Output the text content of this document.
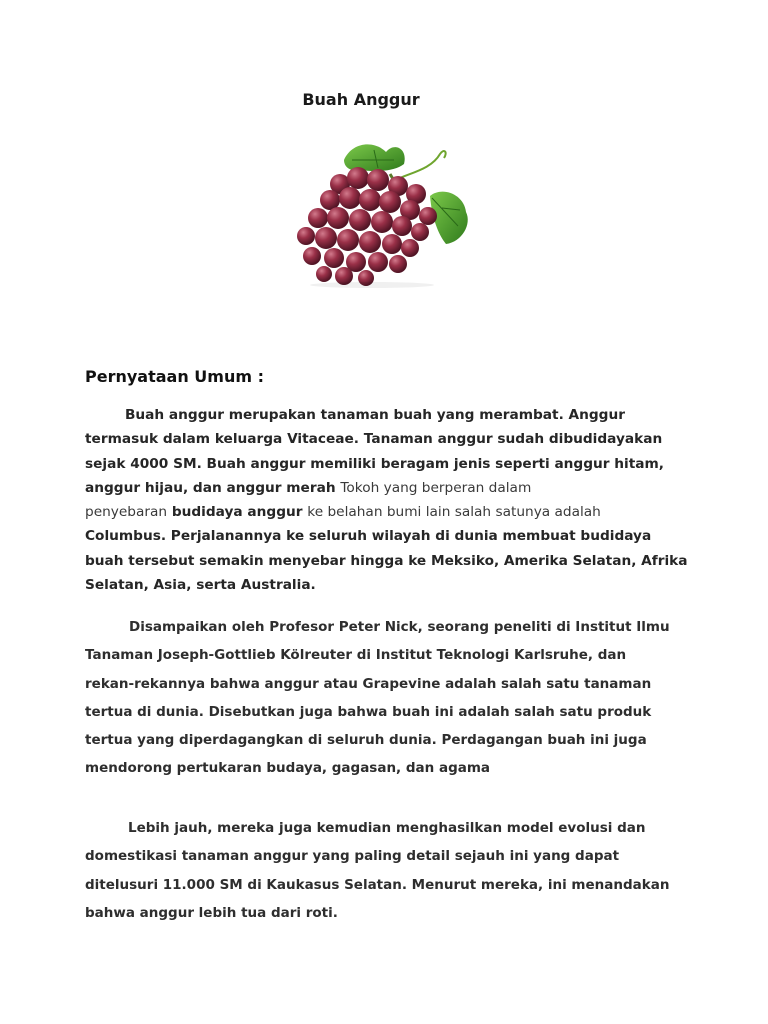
Buah Anggur
Pernyataan Umum :
Buah anggur merupakan tanaman buah yang merambat. Anggur
termasuk dalam keluarga Vitaceae. Tanaman anggur sudah dibudidayakan
sejak 4000 SM. Buah anggur memiliki beragam jenis seperti anggur hitam,
anggur hijau, dan anggur merah Tokoh yang berperan dalam
penyebaran budidaya anggur ke belahan bumi lain salah satunya adalah
Columbus. Perjalanannya ke seluruh wilayah di dunia membuat budidaya
buah tersebut semakin menyebar hingga ke Meksiko, Amerika Selatan, Afrika
Selatan, Asia, serta Australia.
Disampaikan oleh Profesor Peter Nick, seorang peneliti di Institut Ilmu
Tanaman Joseph-Gottlieb Kölreuter di Institut Teknologi Karlsruhe, dan
rekan-rekannya bahwa anggur atau Grapevine adalah salah satu tanaman
tertua di dunia. Disebutkan juga bahwa buah ini adalah salah satu produk
tertua yang diperdagangkan di seluruh dunia. Perdagangan buah ini juga
mendorong pertukaran budaya, gagasan, dan agama
Lebih jauh, mereka juga kemudian menghasilkan model evolusi dan
domestikasi tanaman anggur yang paling detail sejauh ini yang dapat
ditelusuri 11.000 SM di Kaukasus Selatan. Menurut mereka, ini menandakan
bahwa anggur lebih tua dari roti.
